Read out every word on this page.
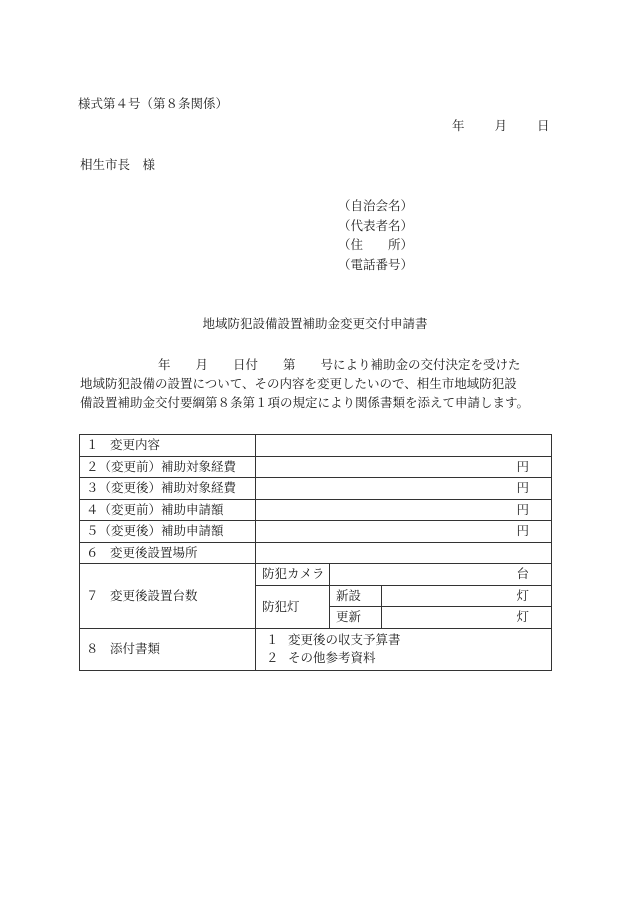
様式第４号（第８条関係）
年 月 日
相生市長　様
（自治会名）
（代表者名）
（住　　所）
（電話番号）
地域防犯設備設置補助金変更交付申請書
年　　月　　日付　　第　　号により補助金の交付決定を受けた
地域防犯設備の設置について、その内容を変更したいので、相生市地域防犯設
備設置補助金交付要綱第８条第１項の規定により関係書類を添えて申請します。
１ 変更内容			
２（変更前）補助対象経費	円		
３（変更後）補助対象経費	円		
４（変更前）補助申請額	円		
５（変更後）補助申請額	円		
６ 変更後設置場所			
７ 変更後設置台数	防犯カメラ	台	
	防犯灯	新設	灯
		更新	灯
８ 添付書類	１ 変更後の収支予算書
２ その他参考資料		
